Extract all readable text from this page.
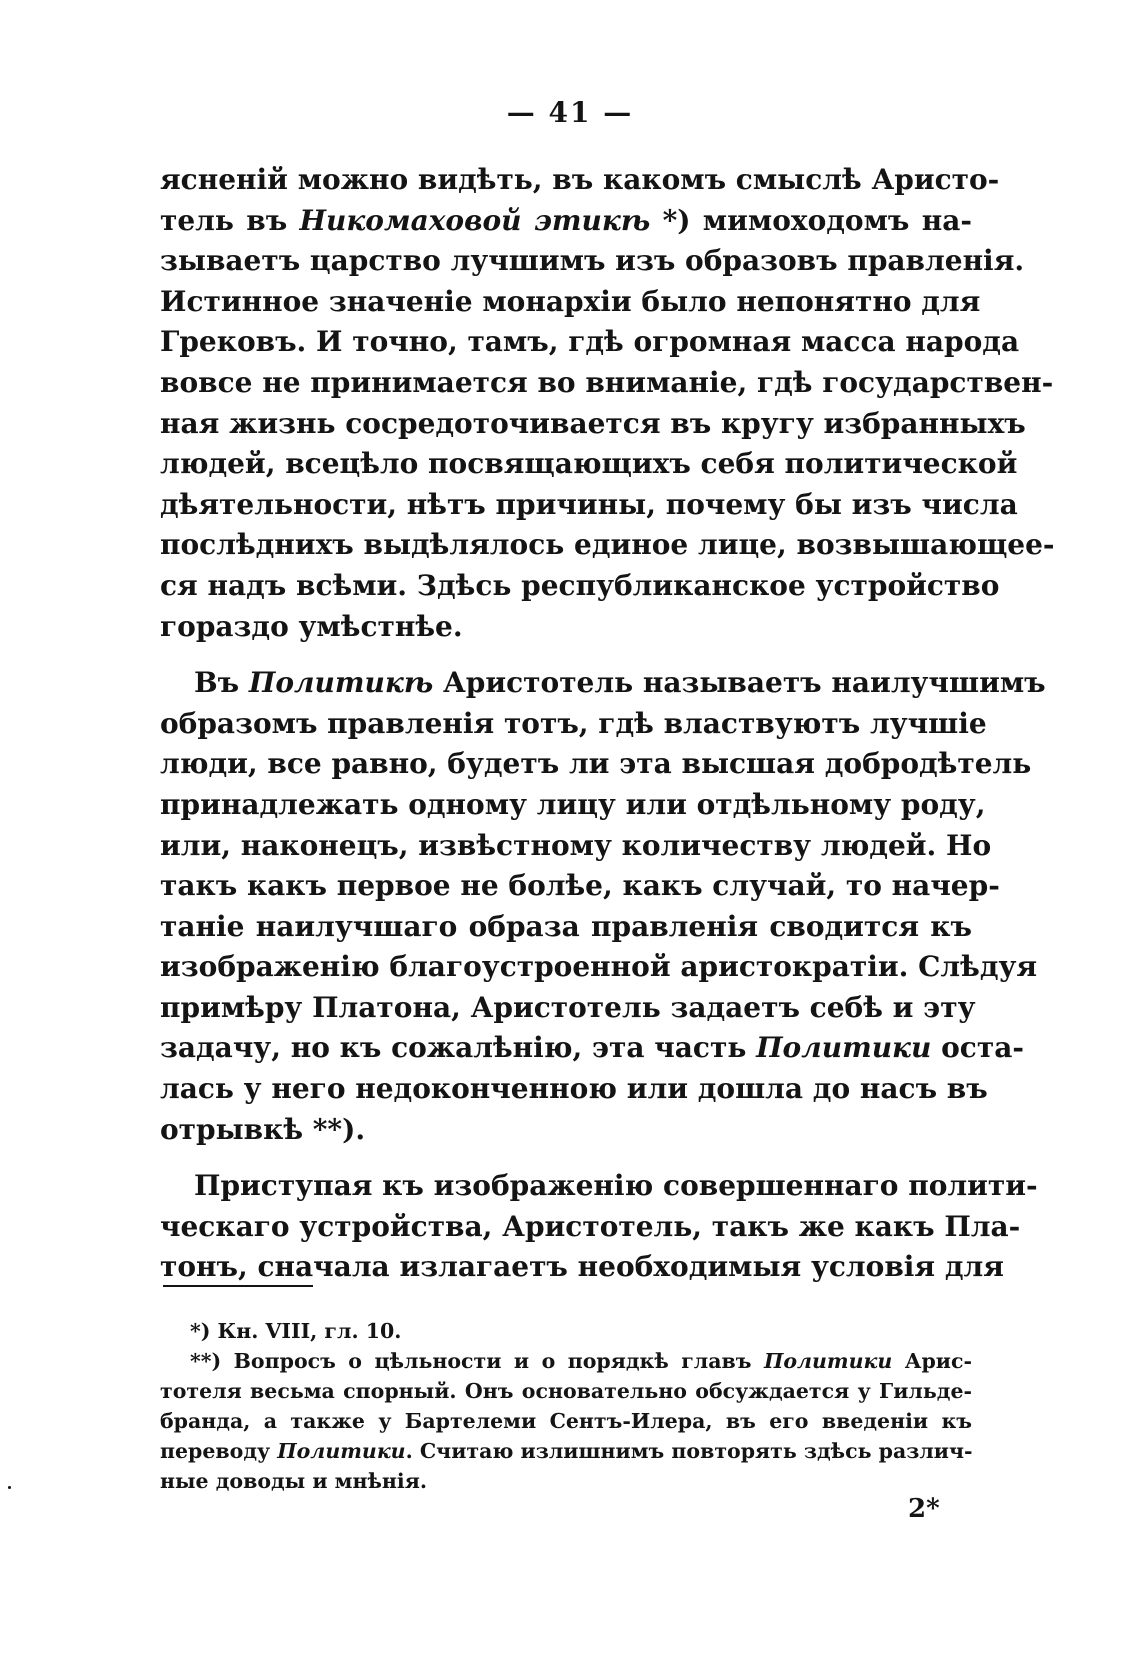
— 41 —
ясненій можно видѣть, въ какомъ смыслѣ Аристо-
тель въ Никомаховой этикѣ *) мимоходомъ на-
зываетъ царство лучшимъ изъ образовъ правленія.
Истинное значеніе монархіи было непонятно для
Грековъ. И точно, тамъ, гдѣ огромная масса народа
вовсе не принимается во вниманіе, гдѣ государствен-
ная жизнь сосредоточивается въ кругу избранныхъ
людей, всецѣло посвящающихъ себя политической
дѣятельности, нѣтъ причины, почему бы изъ числа
послѣднихъ выдѣлялось единое лице, возвышающее-
ся надъ всѣми. Здѣсь республиканское устройство
гораздо умѣстнѣе.
Въ Политикѣ Аристотель называетъ наилучшимъ
образомъ правленія тотъ, гдѣ властвуютъ лучшіе
люди, все равно, будетъ ли эта высшая добродѣтель
принадлежать одному лицу или отдѣльному роду,
или, наконецъ, извѣстному количеству людей. Но
такъ какъ первое не болѣе, какъ случай, то начер-
таніе наилучшаго образа правленія сводится къ
изображенію благоустроенной аристократіи. Слѣдуя
примѣру Платона, Аристотель задаетъ себѣ и эту
задачу, но къ сожалѣнію, эта часть Политики оста-
лась у него недоконченною или дошла до насъ въ
отрывкѣ **).
Приступая къ изображенію совершеннаго полити-
ческаго устройства, Аристотель, такъ же какъ Пла-
тонъ, сначала излагаетъ необходимыя условія для
*) Кн. VIII, гл. 10.
**) Вопросъ о цѣльности и о порядкѣ главъ Политики Арис-
тотеля весьма спорный. Онъ основательно обсуждается у Гильде-
бранда, а также у Бартелеми Сентъ-Илера, въ его введеніи къ
переводу Политики. Считаю излишнимъ повторять здѣсь различ-
ные доводы и мнѣнія.
2*
